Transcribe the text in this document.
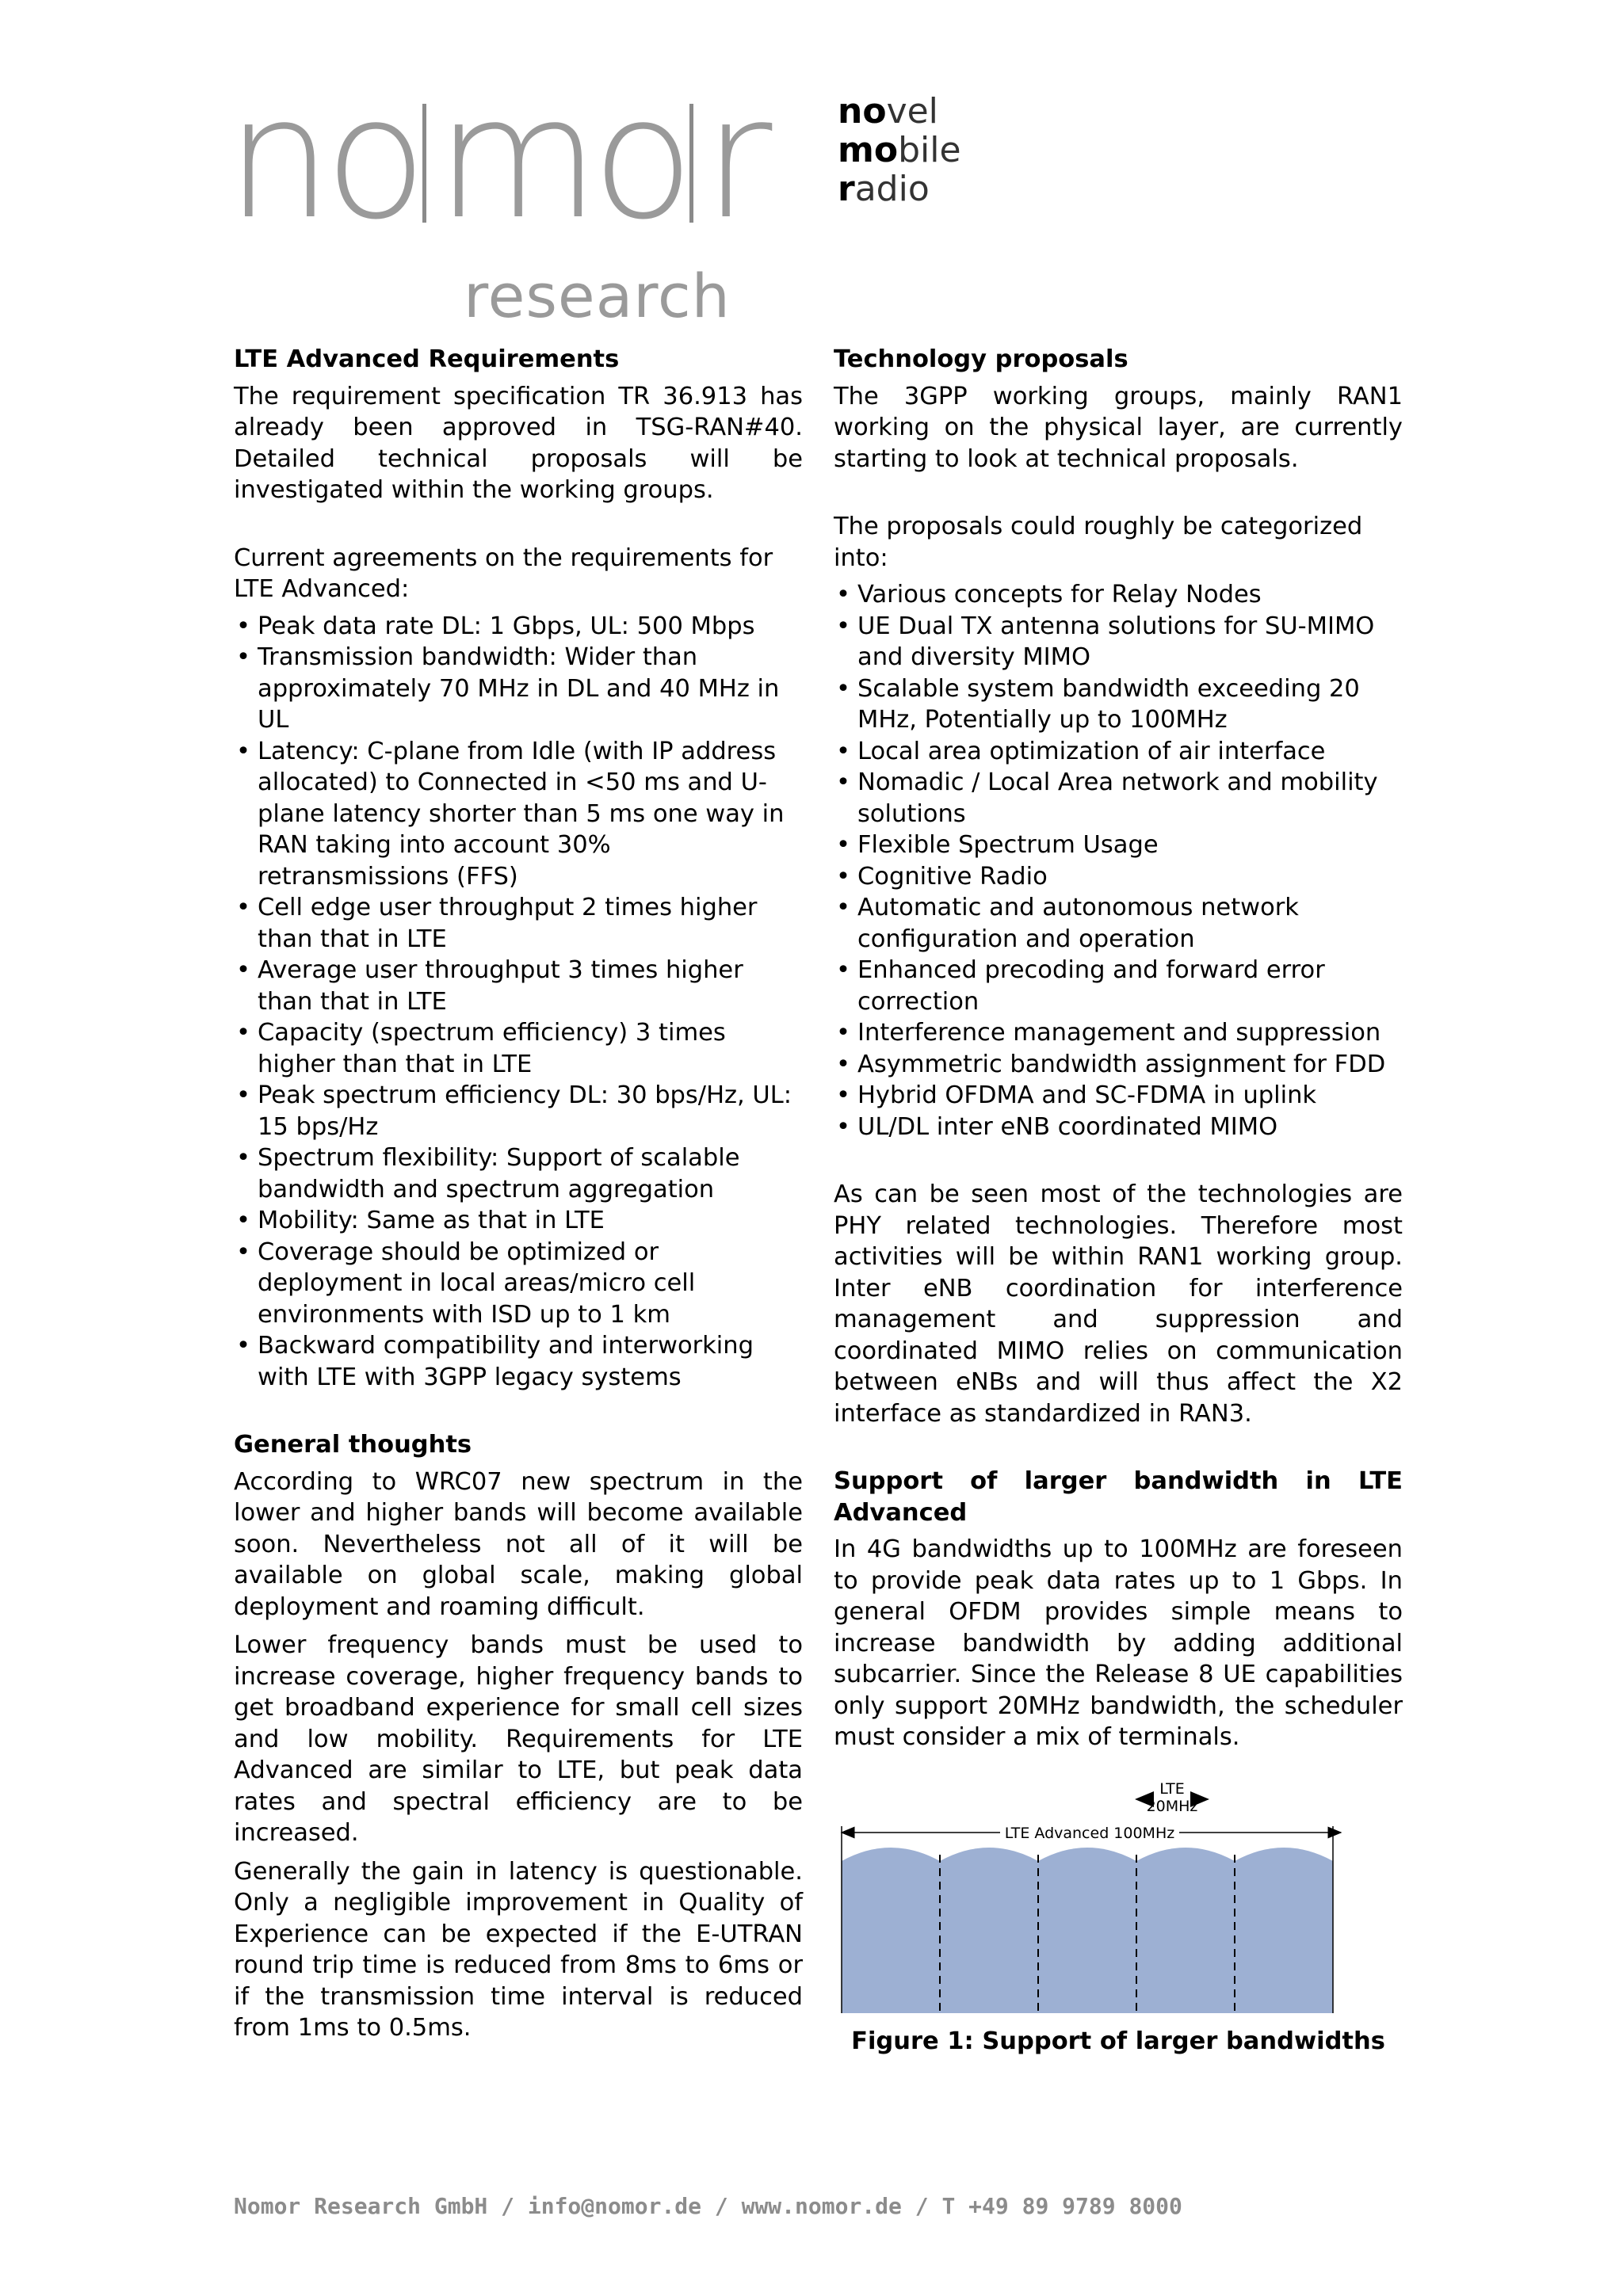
nomor
research
novel
mobile
radio
LTE Advanced Requirements

The requirement specification TR 36.913 has already been approved in TSG-RAN#40. Detailed technical proposals will be investigated within the working groups.

Current agreements on the requirements for LTE Advanced:

• Peak data rate DL: 1 Gbps, UL: 500 Mbps
• Transmission bandwidth: Wider than approximately 70 MHz in DL and 40 MHz in UL
• Latency: C-plane from Idle (with IP address allocated) to Connected in <50 ms and U-plane latency shorter than 5 ms one way in RAN taking into account 30% retransmissions (FFS)
• Cell edge user throughput 2 times higher than that in LTE
• Average user throughput 3 times higher than that in LTE
• Capacity (spectrum efficiency) 3 times higher than that in LTE
• Peak spectrum efficiency DL: 30 bps/Hz, UL: 15 bps/Hz
• Spectrum flexibility: Support of scalable bandwidth and spectrum aggregation
• Mobility: Same as that in LTE
• Coverage should be optimized or deployment in local areas/micro cell environments with ISD up to 1 km
• Backward compatibility and interworking with LTE with 3GPP legacy systems
General thoughts

According to WRC07 new spectrum in the lower and higher bands will become available soon. Nevertheless not all of it will be available on global scale, making global deployment and roaming difficult.

Lower frequency bands must be used to increase coverage, higher frequency bands to get broadband experience for small cell sizes and low mobility. Requirements for LTE Advanced are similar to LTE, but peak data rates and spectral efficiency are to be increased.

Generally the gain in latency is questionable. Only a negligible improvement in Quality of Experience can be expected if the E-UTRAN round trip time is reduced from 8ms to 6ms or if the transmission time interval is reduced from 1ms to 0.5ms.

Technology proposals

The 3GPP working groups, mainly RAN1 working on the physical layer, are currently starting to look at technical proposals.

The proposals could roughly be categorized into:

• Various concepts for Relay Nodes
• UE Dual TX antenna solutions for SU-MIMO and diversity MIMO
• Scalable system bandwidth exceeding 20 MHz, Potentially up to 100MHz
• Local area optimization of air interface
• Nomadic / Local Area network and mobility solutions
• Flexible Spectrum Usage
• Cognitive Radio
• Automatic and autonomous network configuration and operation
• Enhanced precoding and forward error correction
• Interference management and suppression
• Asymmetric bandwidth assignment for FDD
• Hybrid OFDMA and SC-FDMA in uplink
• UL/DL inter eNB coordinated MIMO

As can be seen most of the technologies are PHY related technologies. Therefore most activities will be within RAN1 working group. Inter eNB coordination for interference management and suppression and coordinated MIMO relies on communication between eNBs and will thus affect the X2 interface as standardized in RAN3.

Support of larger bandwidth in LTE Advanced

In 4G bandwidths up to 100MHz are foreseen to provide peak data rates up to 1 Gbps. In general OFDM provides simple means to increase bandwidth by adding additional subcarrier. Since the Release 8 UE capabilities only support 20MHz bandwidth, the scheduler must consider a mix of terminals.

LTE
20MHz
LTE Advanced 100MHz
Figure 1: Support of larger bandwidths
Nomor Research GmbH / info@nomor.de / www.nomor.de / T +49 89 9789 8000
